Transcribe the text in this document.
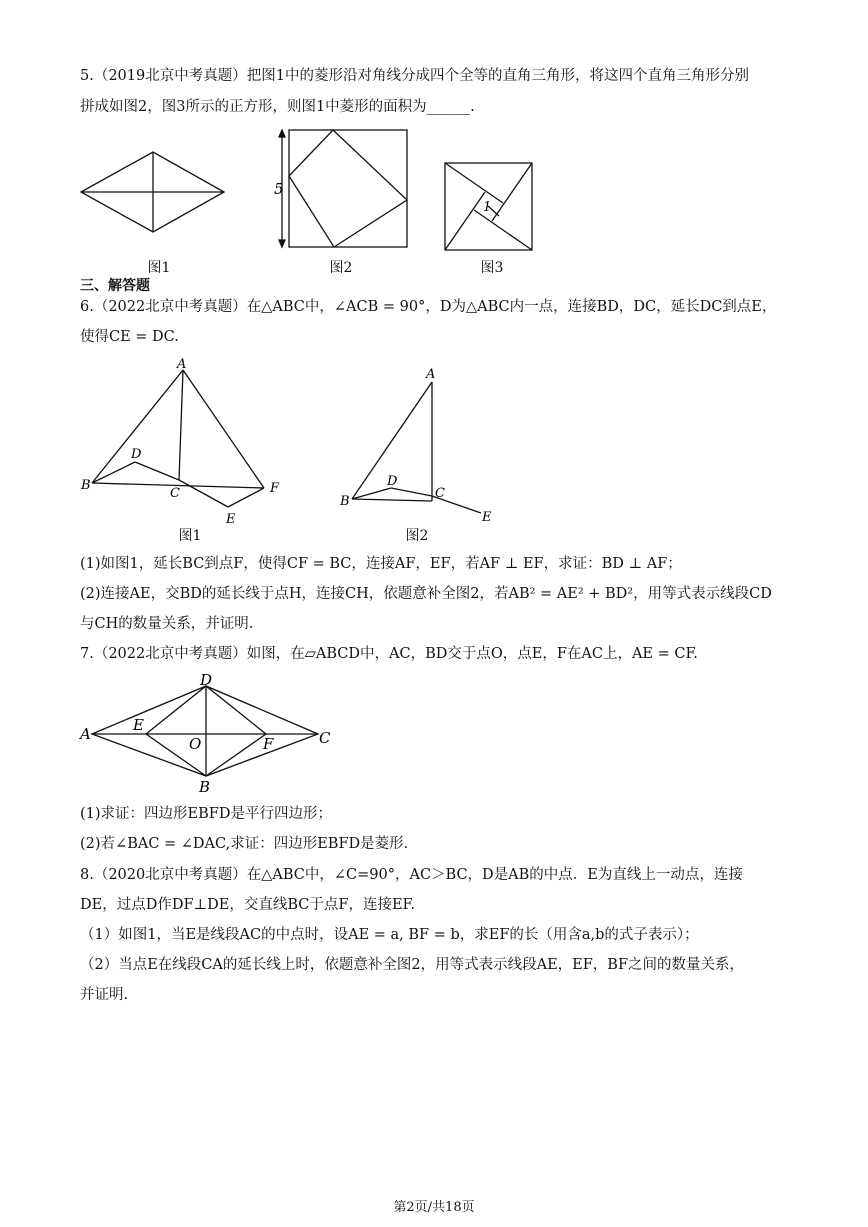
5.（2019北京中考真题）把图1中的菱形沿对角线分成四个全等的直角三角形，将这四个直角三角形分别
拼成如图2，图3所示的正方形，则图1中菱形的面积为______.
5
1
图1	图2	图3
三、解答题
6.（2022北京中考真题）在△ABC中，∠ACB = 90°，D为△ABC内一点，连接BD，DC，延长DC到点E，
使得CE = DC.
A
B
C
D
E
F
A
B
C
D
E
图1	图2
(1)如图1，延长BC到点F，使得CF = BC，连接AF，EF，若AF ⊥ EF，求证：BD ⊥ AF；
(2)连接AE，交BD的延长线于点H，连接CH，依题意补全图2，若AB² = AE² + BD²，用等式表示线段CD
与CH的数量关系，并证明.
7.（2022北京中考真题）如图，在▱ABCD中，AC，BD交于点O，点E，F在AC上，AE = CF.
A
B
C
D
E
F
O
(1)求证：四边形EBFD是平行四边形；
(2)若∠BAC = ∠DAC,求证：四边形EBFD是菱形.
8.（2020北京中考真题）在△ABC中，∠C=90°，AC＞BC，D是AB的中点．E为直线上一动点，连接
DE，过点D作DF⊥DE，交直线BC于点F，连接EF.
（1）如图1，当E是线段AC的中点时，设AE = a, BF = b，求EF的长（用含a,b的式子表示）；
（2）当点E在线段CA的延长线上时，依题意补全图2，用等式表示线段AE，EF，BF之间的数量关系，
并证明.
第2页/共18页
